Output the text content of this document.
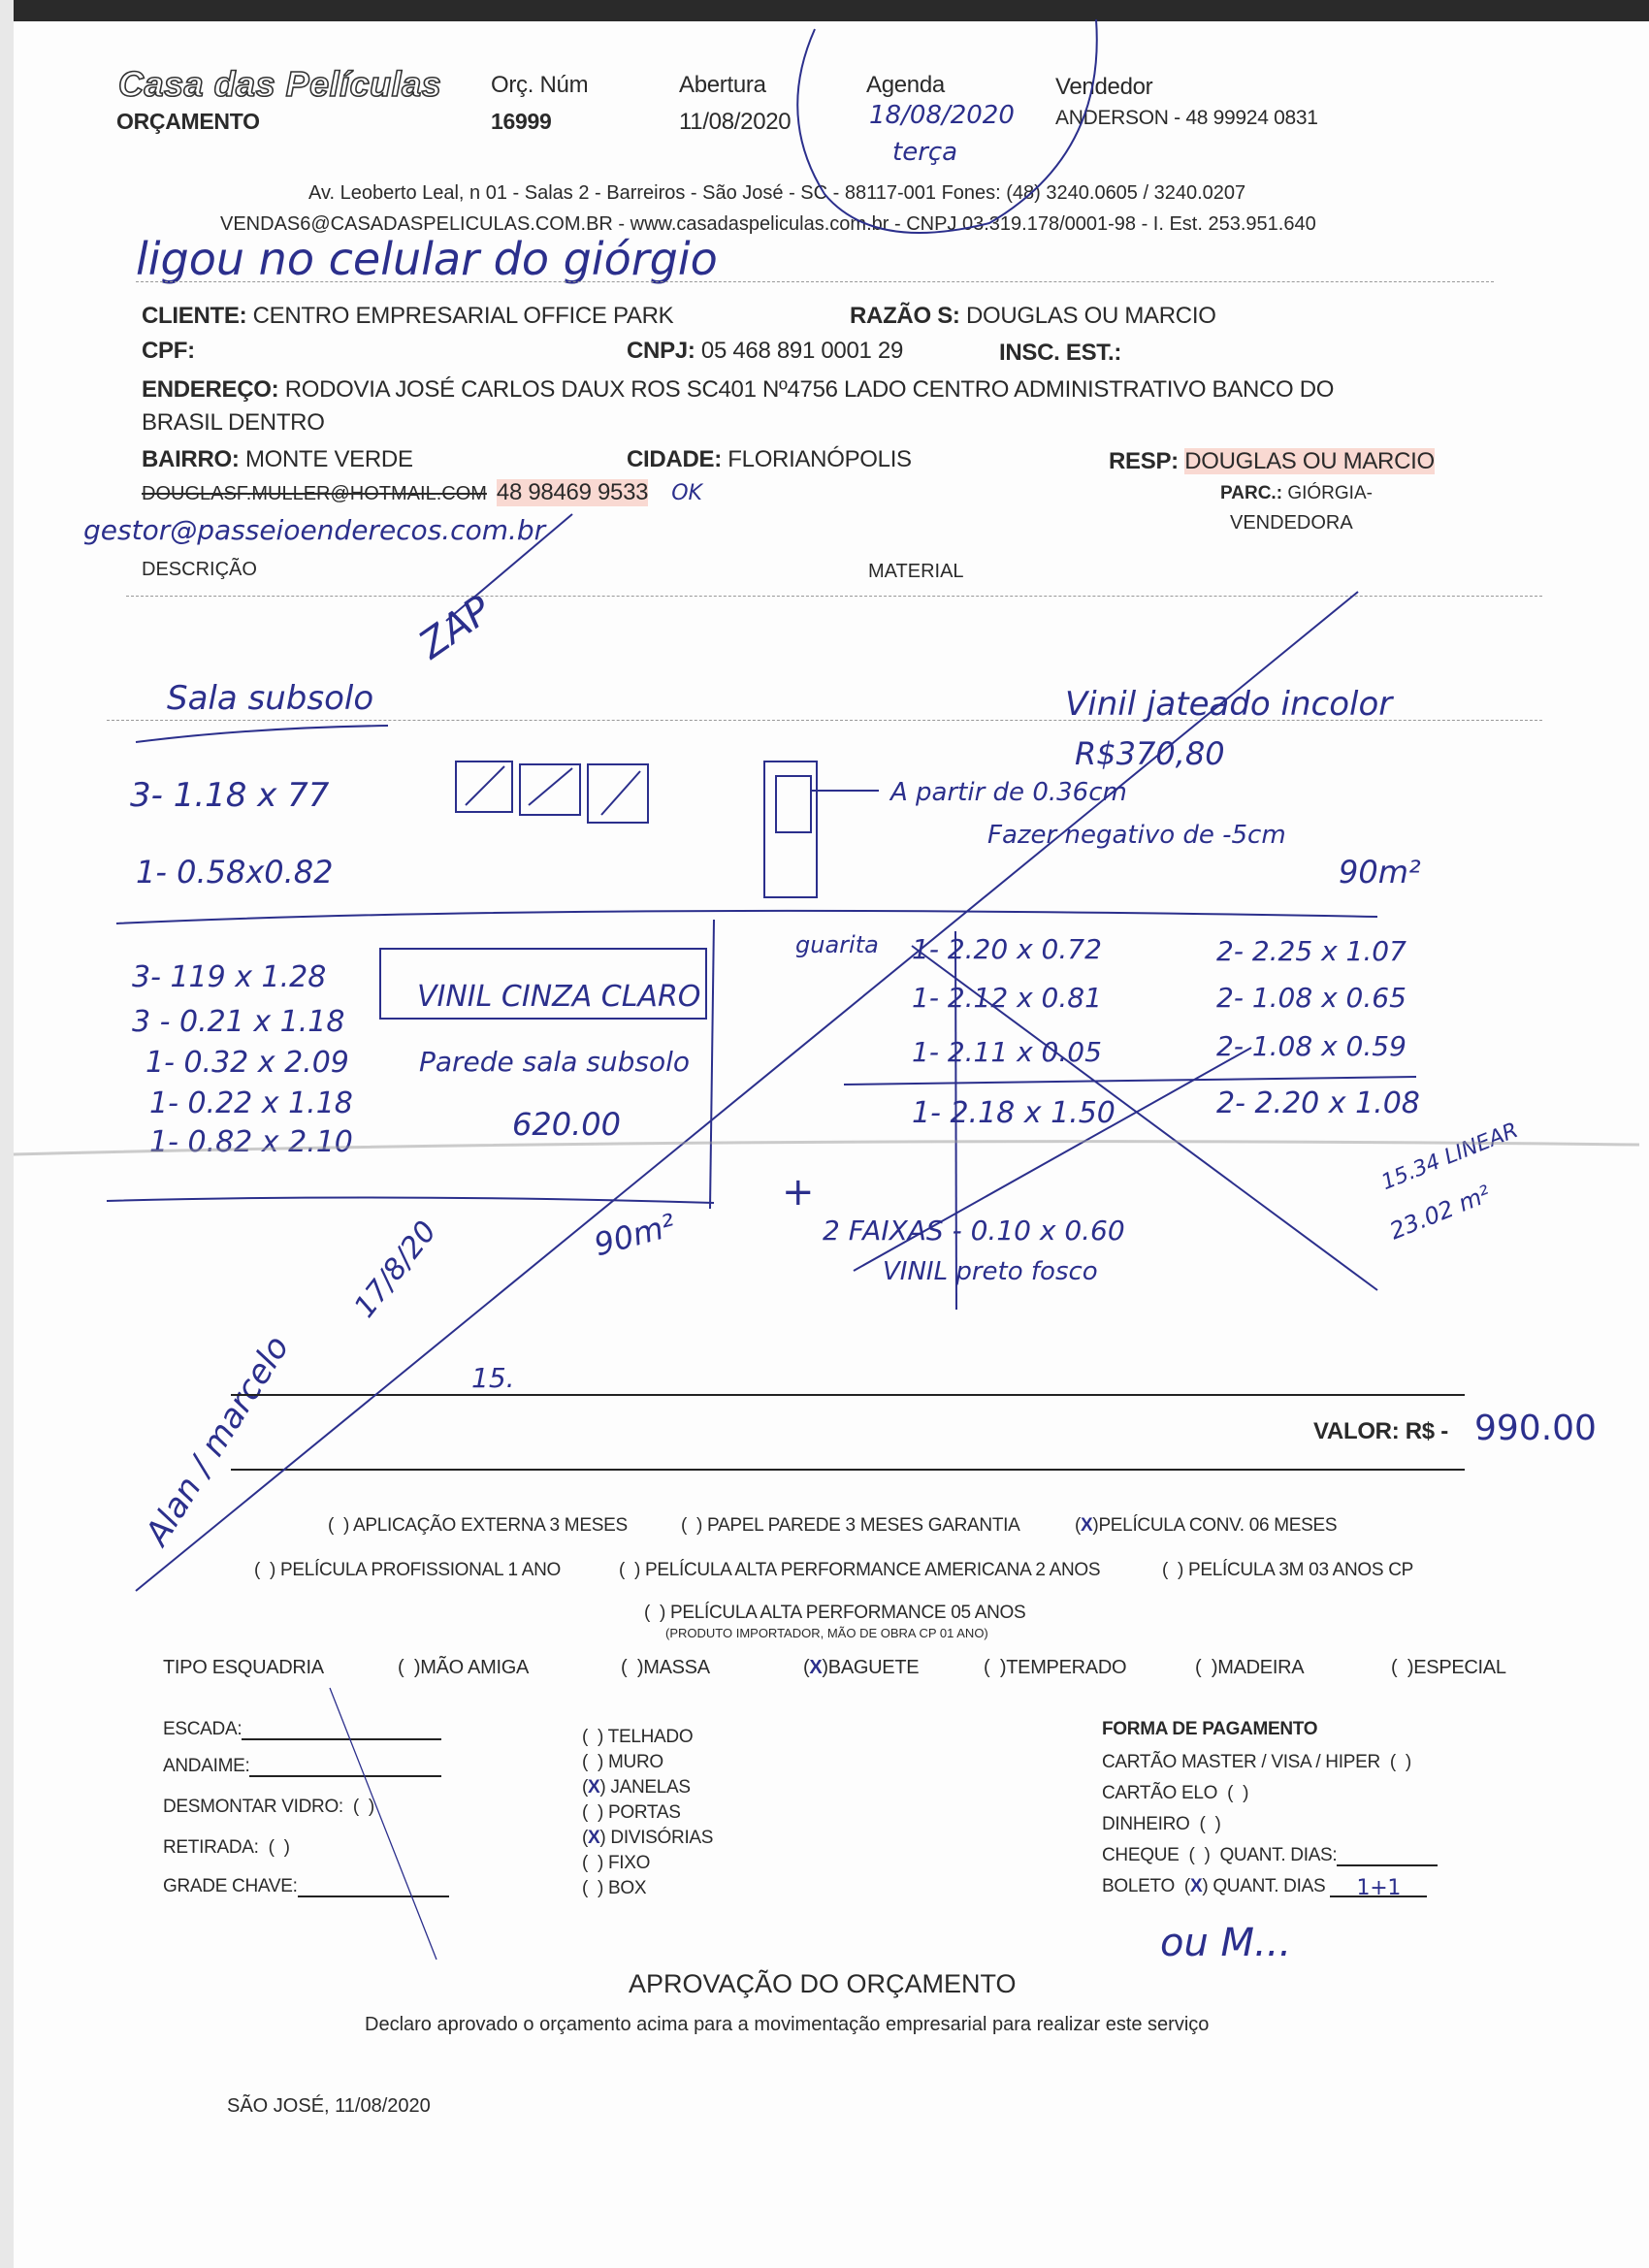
Casa das Películas
ORÇAMENTO
Orç. Núm
16999
Abertura
11/08/2020
Agenda
18/08/2020
terça
Vendedor
ANDERSON - 48 99924 0831
Av. Leoberto Leal, n 01 - Salas 2 - Barreiros - São José - SC - 88117-001 Fones: (48) 3240.0605 / 3240.0207
VENDAS6@CASADASPELICULAS.COM.BR - www.casadaspeliculas.com.br - CNPJ 03.319.178/0001-98 - I. Est. 253.951.640
ligou no celular do giórgio
CLIENTE: CENTRO EMPRESARIAL OFFICE PARK	RAZÃO S: DOUGLAS OU MARCIO
CPF:	CNPJ: 05 468 891 0001 29	INSC. EST.:
ENDEREÇO: RODOVIA JOSÉ CARLOS DAUX ROS SC401 Nº4756 LADO CENTRO ADMINISTRATIVO BANCO DO
BRASIL DENTRO
BAIRRO: MONTE VERDE	CIDADE: FLORIANÓPOLIS	RESP: DOUGLAS OU MARCIO
DOUGLASF.MULLER@HOTMAIL.COM 48 98469 9533 OK
gestor@passeioenderecos.com.br
PARC.: GIÓRGIA-
VENDEDORA
ZAP
DESCRIÇÃO	MATERIAL
Sala subsolo	Vinil jateado incolor
R$370,80
3- 1.18 x 77
1- 0.58x0.82
A partir de 0.36cm
Fazer negativo de -5cm
90m²
3- 119 x 1.28
3 - 0.21 x 1.18
1- 0.32 x 2.09
1- 0.22 x 1.18
1- 0.82 x 2.10
VINIL CINZA CLARO
Parede sala subsolo
620.00
guarita 1- 2.20 x 0.72
1- 2.12 x 0.81
1- 2.11 x 0.05
1- 2.18 x 1.50
2- 2.25 x 1.07
2- 1.08 x 0.65
2- 1.08 x 0.59
2- 2.20 x 1.08
15.34 LINEAR
23.02 m²
+
2 FAIXAS - 0.10 x 0.60
VINIL preto fosco
90m²
Alan / marcelo
17/8/20
15.
VALOR: R$ - 990.00
(  ) APLICAÇÃO EXTERNA 3 MESES	(  ) PAPEL PAREDE 3 MESES GARANTIA	(X)PELÍCULA CONV. 06 MESES
(  ) PELÍCULA PROFISSIONAL 1 ANO	(  ) PELÍCULA ALTA PERFORMANCE AMERICANA 2 ANOS	(  ) PELÍCULA 3M 03 ANOS CP
(  ) PELÍCULA ALTA PERFORMANCE 05 ANOS
(PRODUTO IMPORTADOR, MÃO DE OBRA CP 01 ANO)
TIPO ESQUADRIA	(  )MÃO AMIGA	(  )MASSA	(X)BAGUETE	(  )TEMPERADO	(  )MADEIRA	(  )ESPECIAL
ESCADA:
ANDAIME:
DESMONTAR VIDRO:  (  )
RETIRADA:  (  )
GRADE CHAVE:
(  ) TELHADO
(  ) MURO
(X) JANELAS
(  ) PORTAS
(X) DIVISÓRIAS
(  ) FIXO
(  ) BOX
FORMA DE PAGAMENTO
CARTÃO MASTER / VISA / HIPER  (  )
CARTÃO ELO  (  )
DINHEIRO  (  )
CHEQUE  (  )  QUANT. DIAS:
BOLETO  (X) QUANT. DIAS 1+1
ou M...
APROVAÇÃO DO ORÇAMENTO
Declaro aprovado o orçamento acima para a movimentação empresarial para realizar este serviço
SÃO JOSÉ, 11/08/2020
